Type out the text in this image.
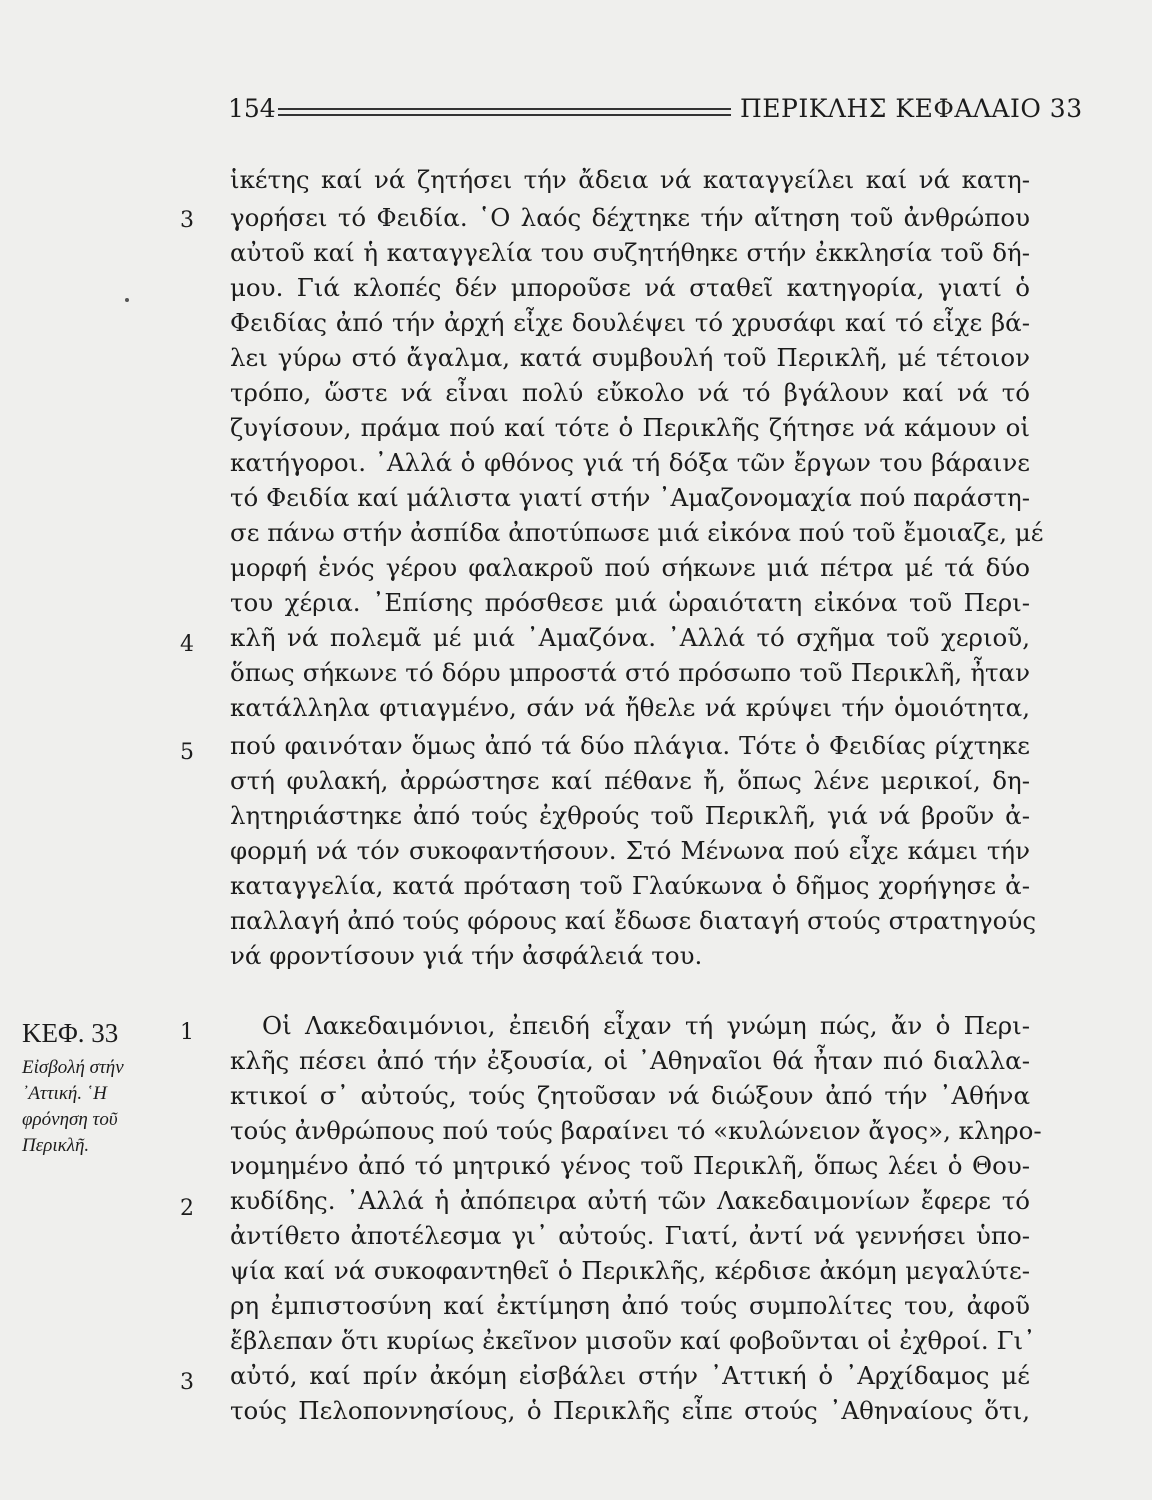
154	ΠΕΡΙΚΛΗΣ ΚΕΦΑΛΑΙΟ 33
3
4
5
1
2
3
ΚΕΦ. 33
Εἰσβολή στήν
᾿Αττική. ῾Η
φρόνηση τοῦ
Περικλῆ.
ἱκέτης καί νά ζητήσει τήν ἄδεια νά καταγγείλει καί νά κατη-
γορήσει τό Φειδία. ῾Ο λαός δέχτηκε τήν αἴτηση τοῦ ἀνθρώπου
αὐτοῦ καί ἡ καταγγελία του συζητήθηκε στήν ἐκκλησία τοῦ δή-
μου. Γιά κλοπές δέν μποροῦσε νά σταθεῖ κατηγορία, γιατί ὁ
Φειδίας ἀπό τήν ἀρχή εἶχε δουλέψει τό χρυσάφι καί τό εἶχε βά-
λει γύρω στό ἄγαλμα, κατά συμβουλή τοῦ Περικλῆ, μέ τέτοιον
τρόπο, ὥστε νά εἶναι πολύ εὔκολο νά τό βγάλουν καί νά τό
ζυγίσουν, πράμα πού καί τότε ὁ Περικλῆς ζήτησε νά κάμουν οἱ
κατήγοροι. ᾿Αλλά ὁ φθόνος γιά τή δόξα τῶν ἔργων του βάραινε
τό Φειδία καί μάλιστα γιατί στήν ᾿Αμαζονομαχία πού παράστη-
σε πάνω στήν ἀσπίδα ἀποτύπωσε μιά εἰκόνα πού τοῦ ἔμοιαζε, μέ
μορφή ἑνός γέρου φαλακροῦ πού σήκωνε μιά πέτρα μέ τά δύο
του χέρια. ᾿Επίσης πρόσθεσε μιά ὡραιότατη εἰκόνα τοῦ Περι-
κλῆ νά πολεμᾶ μέ μιά ᾿Αμαζόνα. ᾿Αλλά τό σχῆμα τοῦ χεριοῦ,
ὅπως σήκωνε τό δόρυ μπροστά στό πρόσωπο τοῦ Περικλῆ, ἦταν
κατάλληλα φτιαγμένο, σάν νά ἤθελε νά κρύψει τήν ὁμοιότητα,
πού φαινόταν ὅμως ἀπό τά δύο πλάγια. Τότε ὁ Φειδίας ρίχτηκε
στή φυλακή, ἀρρώστησε καί πέθανε ἤ, ὅπως λένε μερικοί, δη-
λητηριάστηκε ἀπό τούς ἐχθρούς τοῦ Περικλῆ, γιά νά βροῦν ἀ-
φορμή νά τόν συκοφαντήσουν. Στό Μένωνα πού εἶχε κάμει τήν
καταγγελία, κατά πρόταση τοῦ Γλαύκωνα ὁ δῆμος χορήγησε ἀ-
παλλαγή ἀπό τούς φόρους καί ἔδωσε διαταγή στούς στρατηγούς
νά φροντίσουν γιά τήν ἀσφάλειά του.
Οἱ Λακεδαιμόνιοι, ἐπειδή εἶχαν τή γνώμη πώς, ἄν ὁ Περι-
κλῆς πέσει ἀπό τήν ἐξουσία, οἱ ᾿Αθηναῖοι θά ἦταν πιό διαλλα-
κτικοί σ᾿ αὐτούς, τούς ζητοῦσαν νά διώξουν ἀπό τήν ᾿Αθήνα
τούς ἀνθρώπους πού τούς βαραίνει τό «κυλώνειον ἄγος», κληρο-
νομημένο ἀπό τό μητρικό γένος τοῦ Περικλῆ, ὅπως λέει ὁ Θου-
κυδίδης. ᾿Αλλά ἡ ἀπόπειρα αὐτή τῶν Λακεδαιμονίων ἔφερε τό
ἀντίθετο ἀποτέλεσμα γι᾿ αὐτούς. Γιατί, ἀντί νά γεννήσει ὑπο-
ψία καί νά συκοφαντηθεῖ ὁ Περικλῆς, κέρδισε ἀκόμη μεγαλύτε-
ρη ἐμπιστοσύνη καί ἐκτίμηση ἀπό τούς συμπολίτες του, ἀφοῦ
ἔβλεπαν ὅτι κυρίως ἐκεῖνον μισοῦν καί φοβοῦνται οἱ ἐχθροί. Γι᾿
αὐτό, καί πρίν ἀκόμη εἰσβάλει στήν ᾿Αττική ὁ ᾿Αρχίδαμος μέ
τούς Πελοποννησίους, ὁ Περικλῆς εἶπε στούς ᾿Αθηναίους ὅτι,
